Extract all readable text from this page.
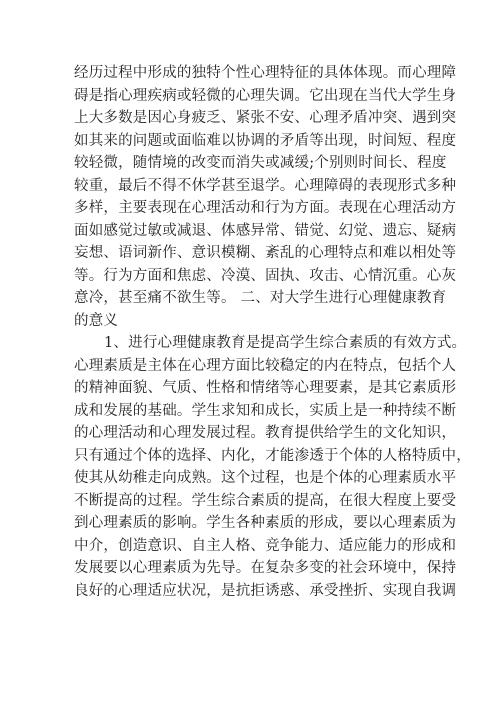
经历过程中形成的独特个性心理特征的具体体现。而心理障
碍是指心理疾病或轻微的心理失调。它出现在当代大学生身
上大多数是因心身疲乏、紧张不安、心理矛盾冲突、遇到突
如其来的问题或面临难以协调的矛盾等出现，时间短、程度
较轻微，随情境的改变而消失或减缓;个别则时间长、程度
较重，最后不得不休学甚至退学。心理障碍的表现形式多种
多样，主要表现在心理活动和行为方面。表现在心理活动方
面如感觉过敏或减退、体感异常、错觉、幻觉、遗忘、疑病
妄想、语词新作、意识模糊、紊乱的心理特点和难以相处等
等。行为方面和焦虑、冷漠、固执、攻击、心情沉重。心灰
意冷，甚至痛不欲生等。 二、对大学生进行心理健康教育
的意义
1、进行心理健康教育是提高学生综合素质的有效方式。
心理素质是主体在心理方面比较稳定的内在特点，包括个人
的精神面貌、气质、性格和情绪等心理要素，是其它素质形
成和发展的基础。学生求知和成长，实质上是一种持续不断
的心理活动和心理发展过程。教育提供给学生的文化知识，
只有通过个体的选择、内化，才能渗透于个体的人格特质中，
使其从幼稚走向成熟。这个过程，也是个体的心理素质水平
不断提高的过程。学生综合素质的提高，在很大程度上要受
到心理素质的影响。学生各种素质的形成，要以心理素质为
中介，创造意识、自主人格、竞争能力、适应能力的形成和
发展要以心理素质为先导。在复杂多变的社会环境中，保持
良好的心理适应状况，是抗拒诱惑、承受挫折、实现自我调
